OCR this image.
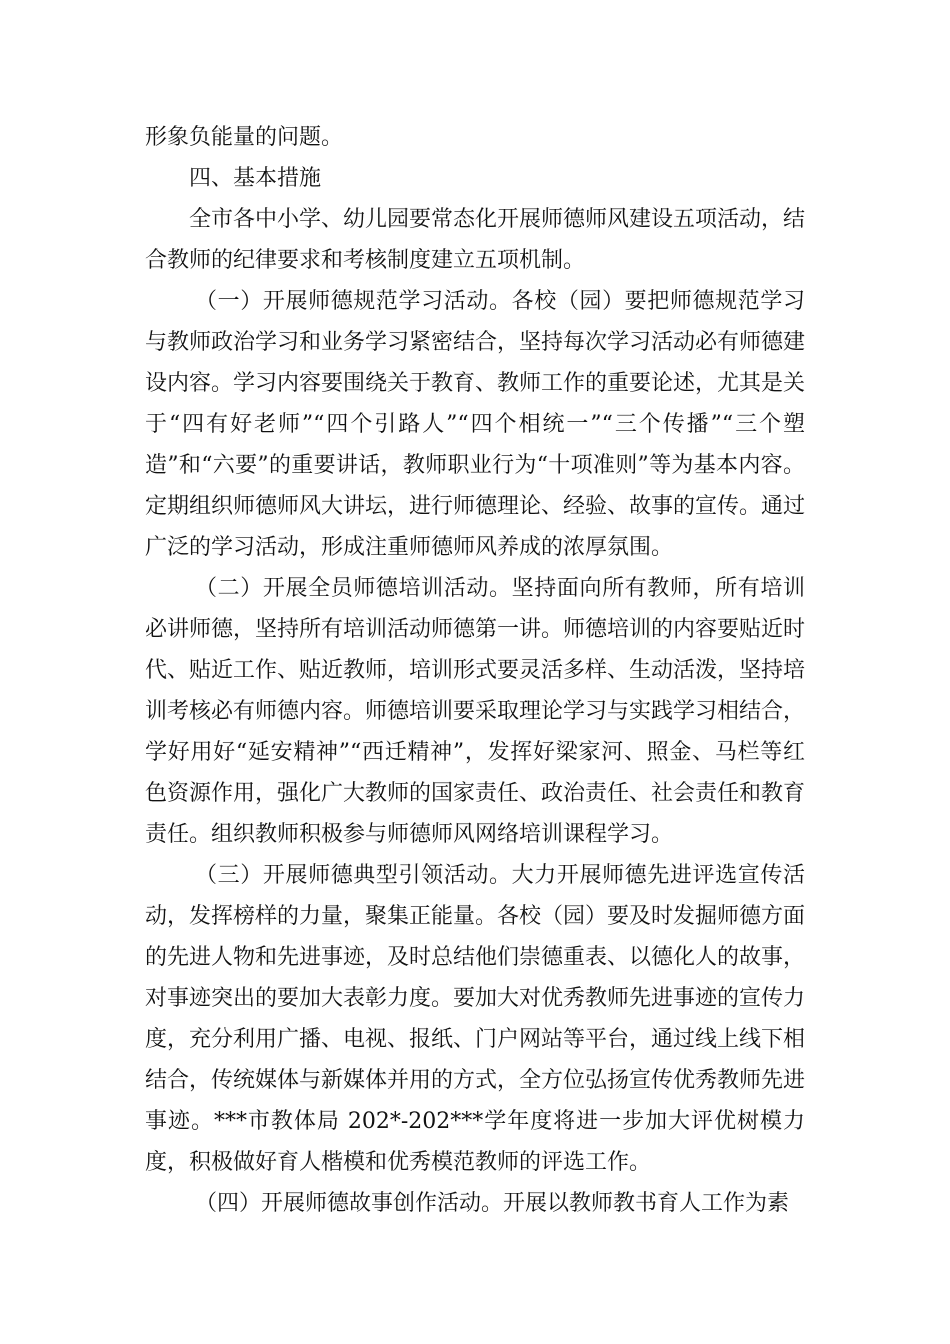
形象负能量的问题。

四、基本措施

全市各中小学、幼儿园要常态化开展师德师风建设五项活动，结合教师的纪律要求和考核制度建立五项机制。

（一）开展师德规范学习活动。各校（园）要把师德规范学习与教师政治学习和业务学习紧密结合，坚持每次学习活动必有师德建设内容。学习内容要围绕关于教育、教师工作的重要论述，尤其是关于“四有好老师”“四个引路人”“四个相统一”“三个传播”“三个塑造”和“六要”的重要讲话，教师职业行为“十项准则”等为基本内容。定期组织师德师风大讲坛，进行师德理论、经验、故事的宣传。通过广泛的学习活动，形成注重师德师风养成的浓厚氛围。

（二）开展全员师德培训活动。坚持面向所有教师，所有培训必讲师德，坚持所有培训活动师德第一讲。师德培训的内容要贴近时代、贴近工作、贴近教师，培训形式要灵活多样、生动活泼，坚持培训考核必有师德内容。师德培训要采取理论学习与实践学习相结合，学好用好“延安精神”“西迁精神”，发挥好梁家河、照金、马栏等红色资源作用，强化广大教师的国家责任、政治责任、社会责任和教育责任。组织教师积极参与师德师风网络培训课程学习。

（三）开展师德典型引领活动。大力开展师德先进评选宣传活动，发挥榜样的力量，聚集正能量。各校（园）要及时发掘师德方面的先进人物和先进事迹，及时总结他们崇德重表、以德化人的故事，对事迹突出的要加大表彰力度。要加大对优秀教师先进事迹的宣传力度，充分利用广播、电视、报纸、门户网站等平台，通过线上线下相结合，传统媒体与新媒体并用的方式，全方位弘扬宣传优秀教师先进事迹。***市教体局 202*-202***学年度将进一步加大评优树模力度，积极做好育人楷模和优秀模范教师的评选工作。

（四）开展师德故事创作活动。开展以教师教书育人工作为素
